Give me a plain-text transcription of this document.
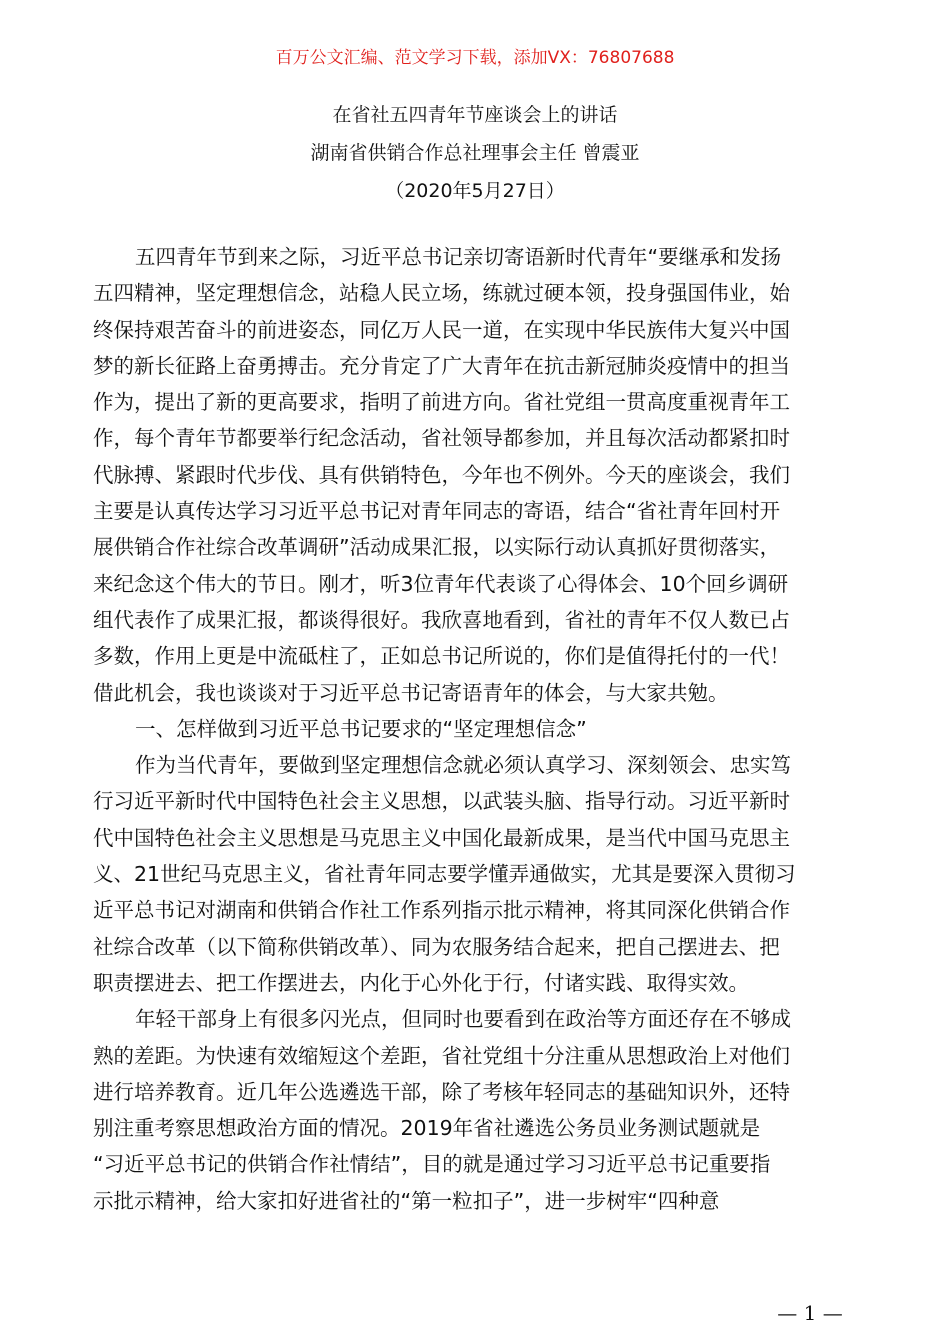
百万公文汇编、范文学习下载，添加VX：76807688
在省社五四青年节座谈会上的讲话
湖南省供销合作总社理事会主任 曾震亚
（2020年5月27日）
五四青年节到来之际，习近平总书记亲切寄语新时代青年“要继承和发扬
五四精神，坚定理想信念，站稳人民立场，练就过硬本领，投身强国伟业，始
终保持艰苦奋斗的前进姿态，同亿万人民一道，在实现中华民族伟大复兴中国
梦的新长征路上奋勇搏击。充分肯定了广大青年在抗击新冠肺炎疫情中的担当
作为，提出了新的更高要求，指明了前进方向。省社党组一贯高度重视青年工
作，每个青年节都要举行纪念活动，省社领导都参加，并且每次活动都紧扣时
代脉搏、紧跟时代步伐、具有供销特色，今年也不例外。今天的座谈会，我们
主要是认真传达学习习近平总书记对青年同志的寄语，结合“省社青年回村开
展供销合作社综合改革调研”活动成果汇报，以实际行动认真抓好贯彻落实，
来纪念这个伟大的节日。刚才，听3位青年代表谈了心得体会、10个回乡调研
组代表作了成果汇报，都谈得很好。我欣喜地看到，省社的青年不仅人数已占
多数，作用上更是中流砥柱了，正如总书记所说的，你们是值得托付的一代！
借此机会，我也谈谈对于习近平总书记寄语青年的体会，与大家共勉。
一、怎样做到习近平总书记要求的“坚定理想信念”
作为当代青年，要做到坚定理想信念就必须认真学习、深刻领会、忠实笃
行习近平新时代中国特色社会主义思想，以武装头脑、指导行动。习近平新时
代中国特色社会主义思想是马克思主义中国化最新成果，是当代中国马克思主
义、21世纪马克思主义，省社青年同志要学懂弄通做实，尤其是要深入贯彻习
近平总书记对湖南和供销合作社工作系列指示批示精神，将其同深化供销合作
社综合改革（以下简称供销改革）、同为农服务结合起来，把自己摆进去、把
职责摆进去、把工作摆进去，内化于心外化于行，付诸实践、取得实效。
年轻干部身上有很多闪光点，但同时也要看到在政治等方面还存在不够成
熟的差距。为快速有效缩短这个差距，省社党组十分注重从思想政治上对他们
进行培养教育。近几年公选遴选干部，除了考核年轻同志的基础知识外，还特
别注重考察思想政治方面的情况。2019年省社遴选公务员业务测试题就是
“习近平总书记的供销合作社情结”，目的就是通过学习习近平总书记重要指
示批示精神，给大家扣好进省社的“第一粒扣子”，进一步树牢“四种意
— 1 —
